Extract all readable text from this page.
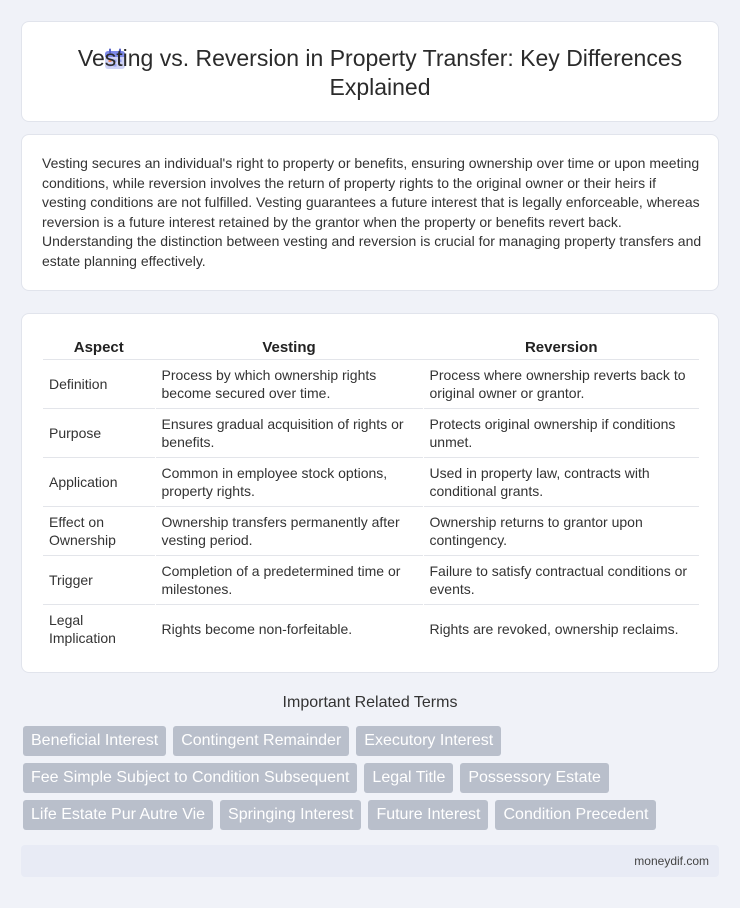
Vesting vs. Reversion in Property Transfer: Key Differences Explained

Vesting secures an individual's right to property or benefits, ensuring ownership over time or upon meeting conditions, while reversion involves the return of property rights to the original owner or their heirs if vesting conditions are not fulfilled. Vesting guarantees a future interest that is legally enforceable, whereas reversion is a future interest retained by the grantor when the property or benefits revert back. Understanding the distinction between vesting and reversion is crucial for managing property transfers and estate planning effectively.

Aspect	Vesting	Reversion
Definition	Process by which ownership rights become secured over time.	Process where ownership reverts back to original owner or grantor.
Purpose	Ensures gradual acquisition of rights or benefits.	Protects original ownership if conditions unmet.
Application	Common in employee stock options, property rights.	Used in property law, contracts with conditional grants.
Effect on Ownership	Ownership transfers permanently after vesting period.	Ownership returns to grantor upon contingency.
Trigger	Completion of a predetermined time or milestones.	Failure to satisfy contractual conditions or events.
Legal Implication	Rights become non-forfeitable.	Rights are revoked, ownership reclaims.
Important Related Terms
Beneficial Interest	Contingent Remainder	Executory Interest
Fee Simple Subject to Condition Subsequent	Legal Title	Possessory Estate
Life Estate Pur Autre Vie	Springing Interest	Future Interest	Condition Precedent
moneydif.com
